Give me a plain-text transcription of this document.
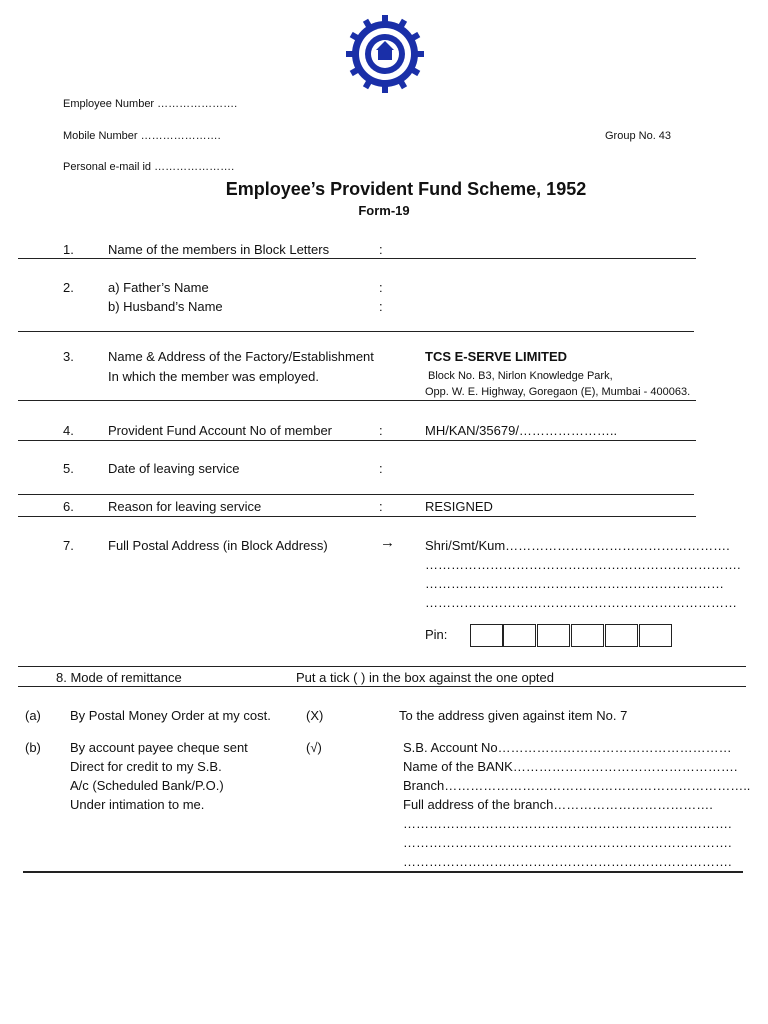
Employee Number ………………….
Mobile Number ………………….	Group No. 43
Personal e-mail id ………………….
Employee’s Provident Fund Scheme, 1952
Form-19
1.	Name of the members in Block Letters	:
2.	a) Father’s Name	:
b) Husband’s Name	:
3.	Name & Address of the Factory/Establishment
In which the member was employed.
TCS E-SERVE LIMITED
Block No. B3, Nirlon Knowledge Park,
Opp. W. E. Highway, Goregaon (E), Mumbai - 400063.
4.	Provident Fund Account No of member	:	MH/KAN/35679/…………………..
5.	Date of leaving service	:
6.	Reason for leaving service	:	RESIGNED
7.	Full Postal Address (in Block Address)	→ Shri/Smt/Kum…………………………………………….
……………………………………………………………….
……………………………………………………………
………………………………………………………………
Pin:
8. Mode of remittance	Put a tick ( ) in the box against the one opted
(a) By Postal Money Order at my cost.	(X)	To the address given against item No. 7
(b) By account payee cheque sent
Direct for credit to my S.B.
A/c (Scheduled Bank/P.O.)
Under intimation to me.
(√)	S.B. Account No………………………………………………
Name of the BANK…………………………………………….
Branch……………………………………………………………..
Full address of the branch……………………………….
………………………………………………………………….
………………………………………………………………….
………………………………………………………………….
